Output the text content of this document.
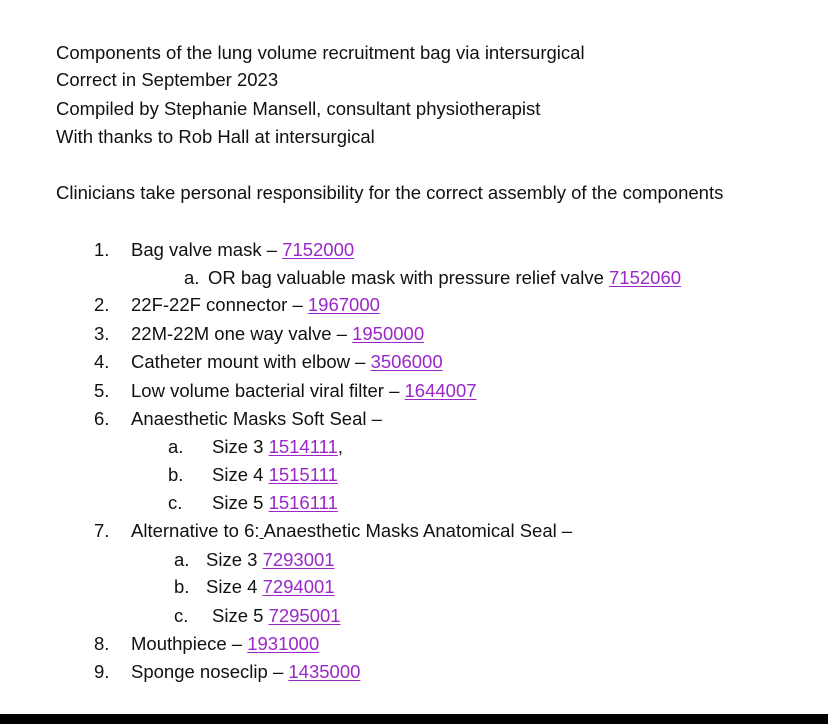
Components of the lung volume recruitment bag via intersurgical
Correct in September 2023
Compiled by Stephanie Mansell, consultant physiotherapist
With thanks to Rob Hall at intersurgical
Clinicians take personal responsibility for the correct assembly of the components
1. Bag valve mask – 7152000
a. OR bag valuable mask with pressure relief valve 7152060
2. 22F-22F connector – 1967000
3. 22M-22M one way valve – 1950000
4. Catheter mount with elbow – 3506000
5. Low volume bacterial viral filter – 1644007
6. Anaesthetic Masks Soft Seal –
a. Size 3 1514111,
b. Size 4 1515111
c. Size 5 1516111
7. Alternative to 6: Anaesthetic Masks Anatomical Seal –
a. Size 3 7293001
b. Size 4 7294001
c. Size 5 7295001
8. Mouthpiece – 1931000
9. Sponge noseclip – 1435000
